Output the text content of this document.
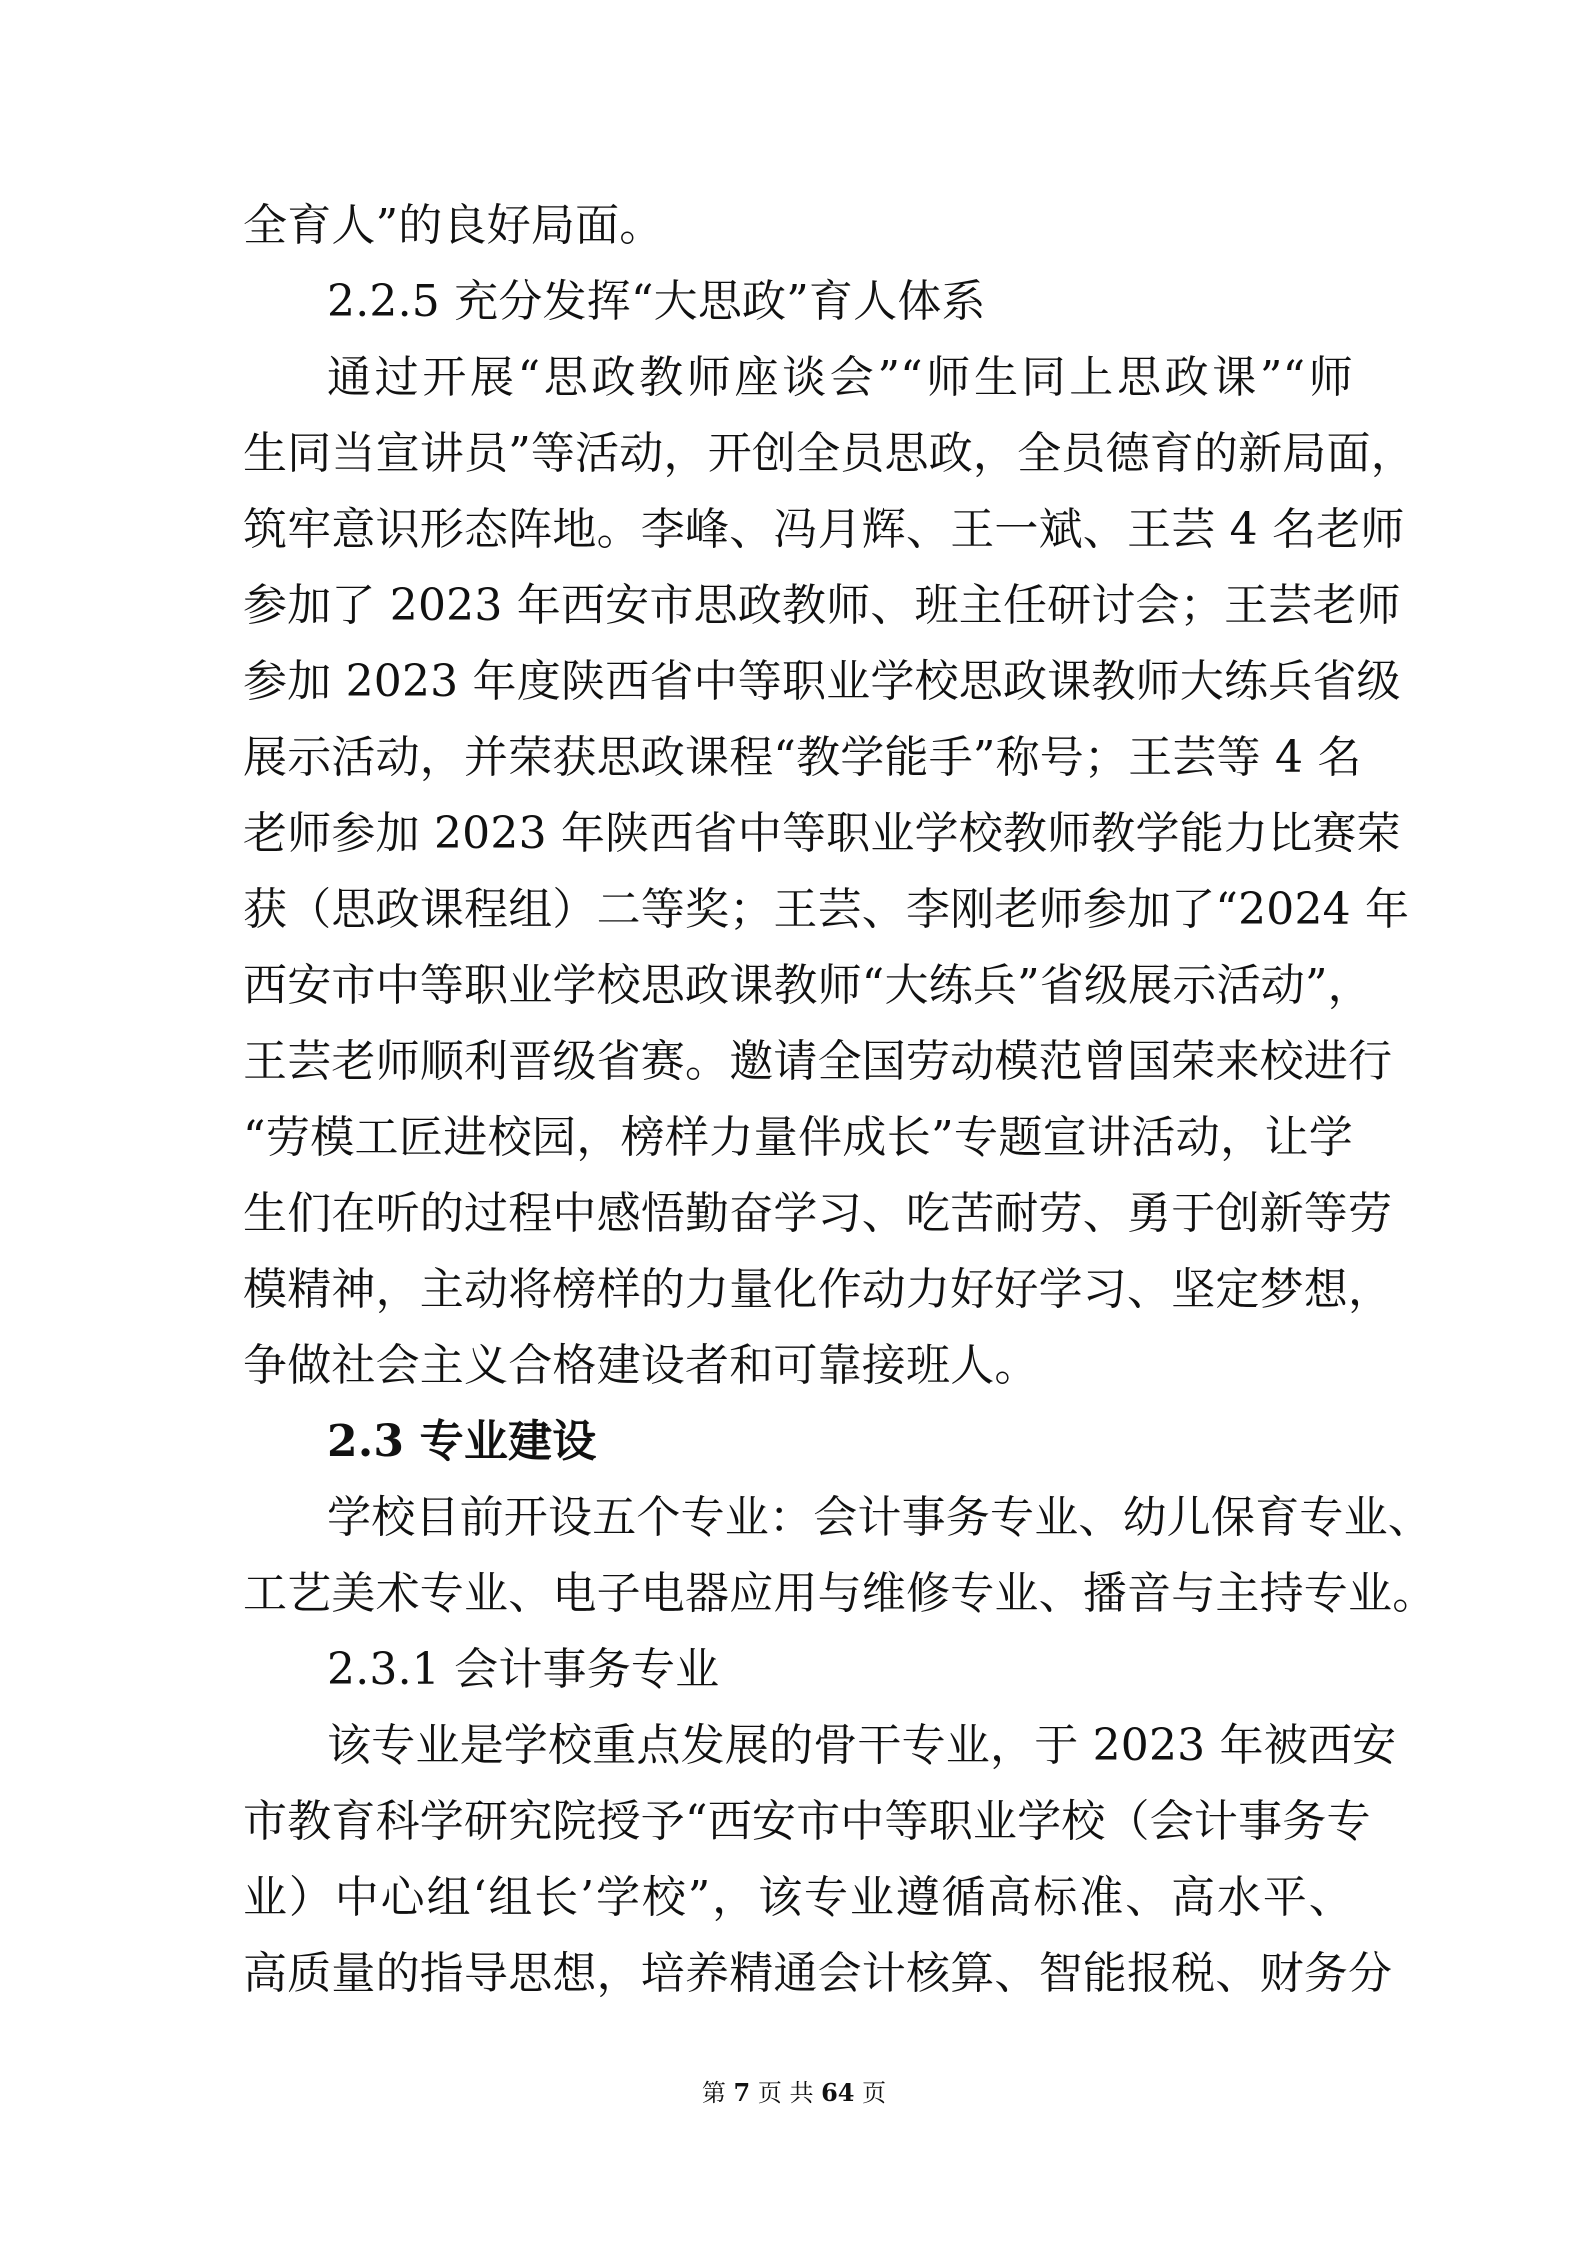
全育人”的良好局面。
2.2.5 充分发挥“大思政”育人体系
通过开展“思政教师座谈会”“师生同上思政课”“师
生同当宣讲员”等活动，开创全员思政，全员德育的新局面，
筑牢意识形态阵地。李峰、冯月辉、王一斌、王芸 4 名老师
参加了 2023 年西安市思政教师、班主任研讨会；王芸老师
参加 2023 年度陕西省中等职业学校思政课教师大练兵省级
展示活动，并荣获思政课程“教学能手”称号；王芸等 4 名
老师参加 2023 年陕西省中等职业学校教师教学能力比赛荣
获（思政课程组）二等奖；王芸、李刚老师参加了“2024 年
西安市中等职业学校思政课教师“大练兵”省级展示活动”，
王芸老师顺利晋级省赛。邀请全国劳动模范曾国荣来校进行
“劳模工匠进校园，榜样力量伴成长”专题宣讲活动，让学
生们在听的过程中感悟勤奋学习、吃苦耐劳、勇于创新等劳
模精神，主动将榜样的力量化作动力好好学习、坚定梦想，
争做社会主义合格建设者和可靠接班人。
2.3 专业建设
学校目前开设五个专业：会计事务专业、幼儿保育专业、
工艺美术专业、电子电器应用与维修专业、播音与主持专业。
2.3.1 会计事务专业
该专业是学校重点发展的骨干专业，于 2023 年被西安
市教育科学研究院授予“西安市中等职业学校（会计事务专
业）中心组‘组长’学校”，该专业遵循高标准、高水平、
高质量的指导思想，培养精通会计核算、智能报税、财务分
第 7 页 共 64 页
